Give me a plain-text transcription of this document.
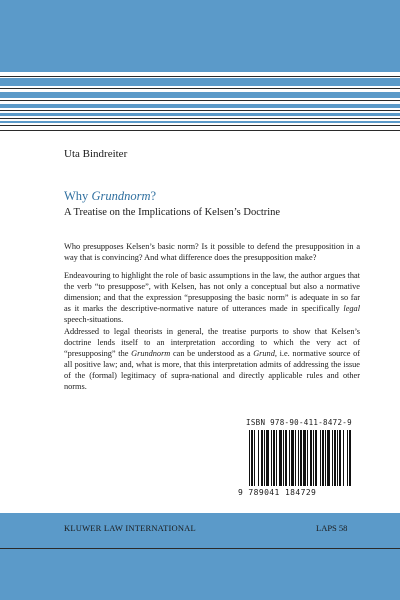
Uta Bindreiter
Why Grundnorm?
A Treatise on the Implications of Kelsen’s Doctrine

Who presupposes Kelsen’s basic norm? Is it possible to defend the presupposition in a way that is convincing? And what difference does the presupposition make?

Endeavouring to highlight the role of basic assumptions in the law, the author argues that the verb “to presuppose”, with Kelsen, has not only a conceptual but also a normative dimension; and that the expression “presupposing the basic norm” is adequate in so far as it marks the descriptive-normative nature of utterances made in specifically legal speech-situations.

Addressed to legal theorists in general, the treatise purports to show that Kelsen’s doctrine lends itself to an interpretation according to which the very act of “presupposing” the Grundnorm can be understood as a Grund, i.e. normative source of all positive law; and, what is more, that this interpretation admits of addressing the issue of the (formal) legitimacy of supra-national and directly applicable rules and other norms.

ISBN 978-90-411-8472-9
9 789041 184729
KLUWER LAW INTERNATIONAL	LAPS 58
